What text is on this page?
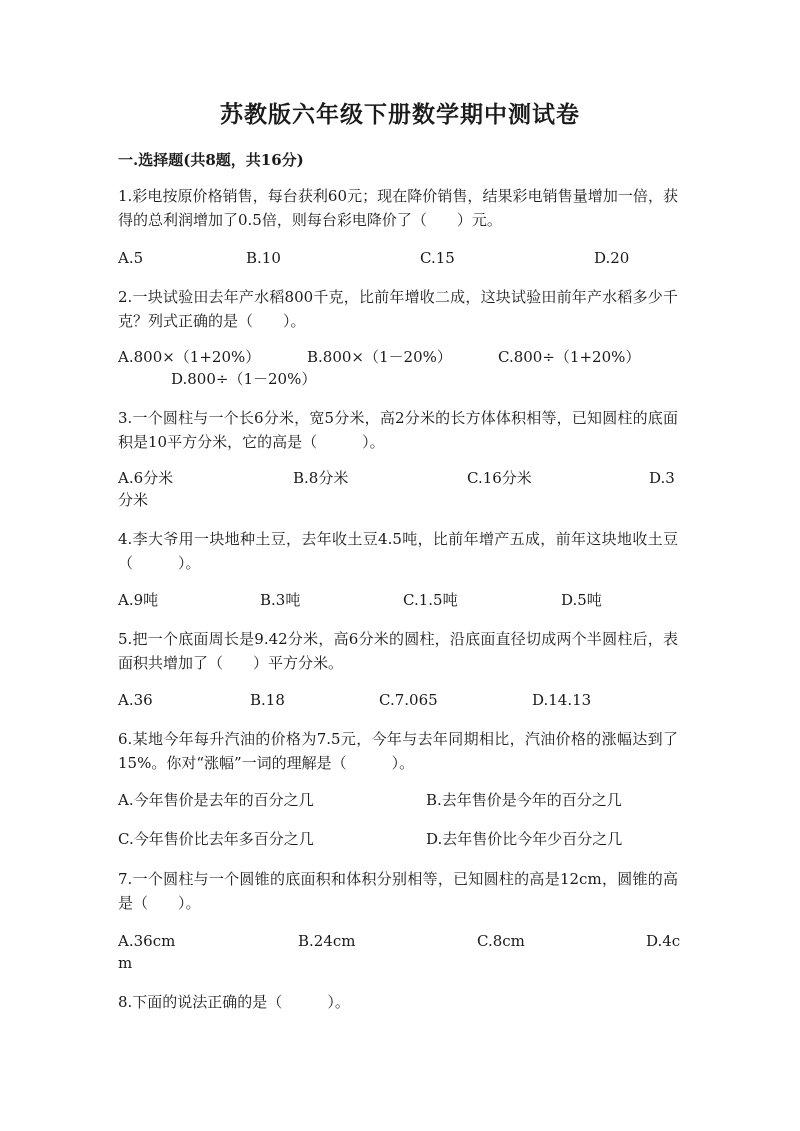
苏教版六年级下册数学期中测试卷
一.选择题(共8题，共16分)
1.彩电按原价格销售，每台获利60元；现在降价销售，结果彩电销售量增加一倍，获得的总利润增加了0.5倍，则每台彩电降价了（　　）元。
A.5	B.10	C.15	D.20
2.一块试验田去年产水稻800千克，比前年增收二成，这块试验田前年产水稻多少千克？列式正确的是（　　）。
A.800×（1+20%）	B.800×（1－20%）	C.800÷（1+20%）
D.800÷（1－20%）
3.一个圆柱与一个长6分米，宽5分米，高2分米的长方体体积相等，已知圆柱的底面积是10平方分米，它的高是（　　　）。
A.6分米	B.8分米	C.16分米	D.3
分米
4.李大爷用一块地种土豆，去年收土豆4.5吨，比前年增产五成，前年这块地收土豆（　　　）。
A.9吨	B.3吨	C.1.5吨	D.5吨
5.把一个底面周长是9.42分米，高6分米的圆柱，沿底面直径切成两个半圆柱后，表面积共增加了（　　）平方分米。
A.36	B.18	C.7.065	D.14.13
6.某地今年每升汽油的价格为7.5元，今年与去年同期相比，汽油价格的涨幅达到了15%。你对“涨幅”一词的理解是（　　　）。
A.今年售价是去年的百分之几	B.去年售价是今年的百分之几
C.今年售价比去年多百分之几	D.去年售价比今年少百分之几
7.一个圆柱与一个圆锥的底面积和体积分别相等，已知圆柱的高是12cm，圆锥的高是（　　）。
A.36cm	B.24cm	C.8cm	D.4c
m
8.下面的说法正确的是（　　　）。
